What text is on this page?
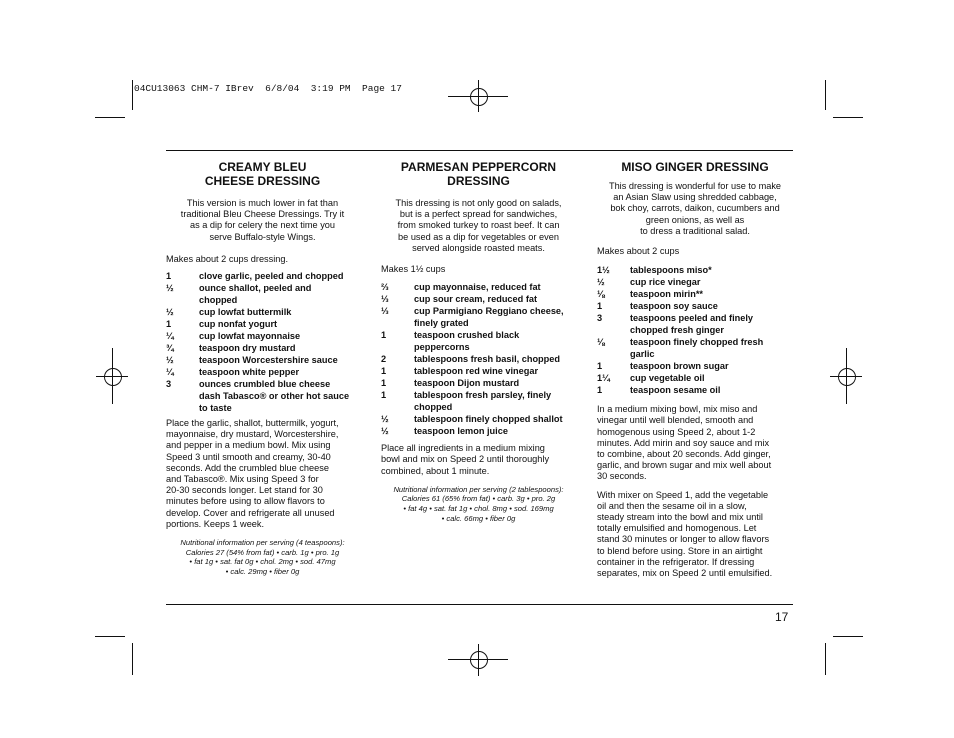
04CU13063 CHM-7 IBrev  6/8/04  3:19 PM  Page 17
CREAMY BLEU
CHEESE DRESSING

This version is much lower in fat than
traditional Bleu Cheese Dressings. Try it
as a dip for celery the next time you
serve Buffalo-style Wings.

Makes about 2 cups dressing.

1	clove garlic, peeled and chopped
½	ounce shallot, peeled and
chopped
½	cup lowfat buttermilk
1	cup nonfat yogurt
¼	cup lowfat mayonnaise
¾	teaspoon dry mustard
½	teaspoon Worcestershire sauce
¼	teaspoon white pepper
3	ounces crumbled blue cheese
dash Tabasco® or other hot sauce
to taste

Place the garlic, shallot, buttermilk, yogurt,
mayonnaise, dry mustard, Worcestershire,
and pepper in a medium bowl. Mix using
Speed 3 until smooth and creamy, 30-40
seconds. Add the crumbled blue cheese
and Tabasco®. Mix using Speed 3 for
20-30 seconds longer. Let stand for 30
minutes before using to allow flavors to
develop. Cover and refrigerate all unused
portions. Keeps 1 week.

Nutritional information per serving (4 teaspoons):
Calories 27 (54% from fat) • carb. 1g • pro. 1g
• fat 1g • sat. fat 0g • chol. 2mg • sod. 47mg
• calc. 29mg • fiber 0g

PARMESAN PEPPERCORN
DRESSING

This dressing is not only good on salads,
but is a perfect spread for sandwiches,
from smoked turkey to roast beef. It can
be used as a dip for vegetables or even
served alongside roasted meats.

Makes 1½ cups

⅔	cup mayonnaise, reduced fat
⅓	cup sour cream, reduced fat
⅓	cup Parmigiano Reggiano cheese,
finely grated
1	teaspoon crushed black
peppercorns
2	tablespoons fresh basil, chopped
1	tablespoon red wine vinegar
1	teaspoon Dijon mustard
1	tablespoon fresh parsley, finely
chopped
½	tablespoon finely chopped shallot
½	teaspoon lemon juice

Place all ingredients in a medium mixing
bowl and mix on Speed 2 until thoroughly
combined, about 1 minute.

Nutritional information per serving (2 tablespoons):
Calories 61 (65% from fat) • carb. 3g • pro. 2g
• fat 4g • sat. fat 1g • chol. 8mg • sod. 169mg
• calc. 66mg • fiber 0g

MISO GINGER DRESSING

This dressing is wonderful for use to make
an Asian Slaw using shredded cabbage,
bok choy, carrots, daikon, cucumbers and
green onions, as well as
to dress a traditional salad.

Makes about 2 cups

1½	tablespoons miso*
½	cup rice vinegar
⅛	teaspoon mirin**
1	teaspoon soy sauce
3	teaspoons peeled and finely
chopped fresh ginger
⅛	teaspoon finely chopped fresh
garlic
1	teaspoon brown sugar
1¼	cup vegetable oil
1	teaspoon sesame oil

In a medium mixing bowl, mix miso and
vinegar until well blended, smooth and
homogenous using Speed 2, about 1-2
minutes. Add mirin and soy sauce and mix
to combine, about 20 seconds. Add ginger,
garlic, and brown sugar and mix well about
30 seconds.

With mixer on Speed 1, add the vegetable
oil and then the sesame oil in a slow,
steady stream into the bowl and mix until
totally emulsified and homogenous. Let
stand 30 minutes or longer to allow flavors
to blend before using. Store in an airtight
container in the refrigerator. If dressing
separates, mix on Speed 2 until emulsified.

17
